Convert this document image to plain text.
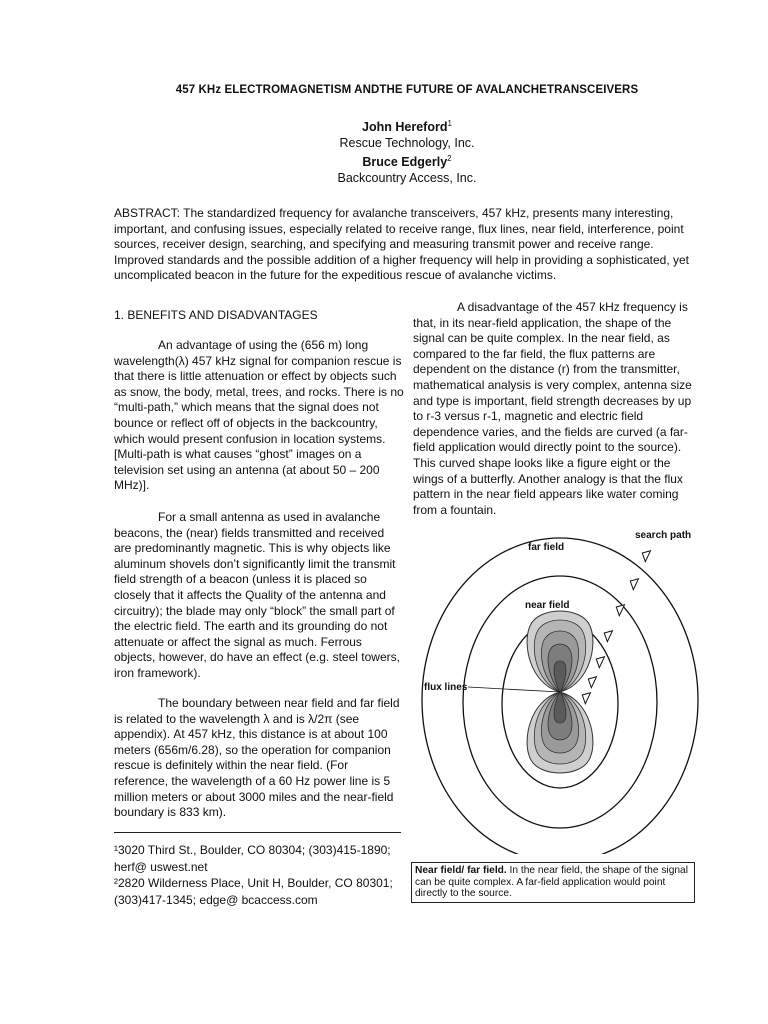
457 KHz ELECTROMAGNETISM ANDTHE FUTURE OF AVALANCHETRANSCEIVERS
John Hereford$^1$
Rescue Technology, Inc.
Bruce Edgerly$^2$
Backcountry Access, Inc.
ABSTRACT: The standardized frequency for avalanche transceivers, 457 kHz, presents many interesting, important, and confusing issues, especially related to receive range, flux lines, near field, interference, point sources, receiver design, searching, and specifying and measuring transmit power and receive range. Improved standards and the possible addition of a higher frequency will help in providing a sophisticated, yet uncomplicated beacon in the future for the expeditious rescue of avalanche victims.
1. BENEFITS AND DISADVANTAGES

An advantage of using the (656 m) long wavelength(λ) 457 kHz signal for companion rescue is that there is little attenuation or effect by objects such as snow, the body, metal, trees, and rocks. There is no “multi-path,” which means that the signal does not bounce or reflect off of objects in the backcountry, which would present confusion in location systems. [Multi-path is what causes “ghost” images on a television set using an antenna (at about 50 – 200 MHz)].

For a small antenna as used in avalanche beacons, the (near) fields transmitted and received are predominantly magnetic. This is why objects like aluminum shovels don’t significantly limit the transmit field strength of a beacon (unless it is placed so closely that it affects the Quality of the antenna and circuitry); the blade may only “block” the small part of the electric field. The earth and its grounding do not attenuate or affect the signal as much. Ferrous objects, however, do have an effect (e.g. steel towers, iron framework).

The boundary between near field and far field is related to the wavelength λ and is λ/2π (see appendix). At 457 kHz, this distance is at about 100 meters (656m/6.28), so the operation for companion rescue is definitely within the near field. (For reference, the wavelength of a 60 Hz power line is 5 million meters or about 3000 miles and the near-field boundary is 833 km).

A disadvantage of the 457 kHz frequency is that, in its near-field application, the shape of the signal can be quite complex. In the near field, as compared to the far field, the flux patterns are dependent on the distance (r) from the transmitter, mathematical analysis is very complex, antenna size and type is important, field strength decreases by up to r-3 versus r-1, magnetic and electric field dependence varies, and the fields are curved (a far-field application would directly point to the source). This curved shape looks like a figure eight or the wings of a butterfly. Another analogy is that the flux pattern in the near field appears like water coming from a fountain.

¹3020 Third St., Boulder, CO 80304; (303)415-1890; herf@ uswest.net
²2820 Wilderness Place, Unit H, Boulder, CO 80301; (303)417-1345; edge@ bcaccess.com
far field
near field
flux lines
search path
Near field/ far field. In the near field, the shape of the signal can be quite complex. A far-field application would point directly to the source.
